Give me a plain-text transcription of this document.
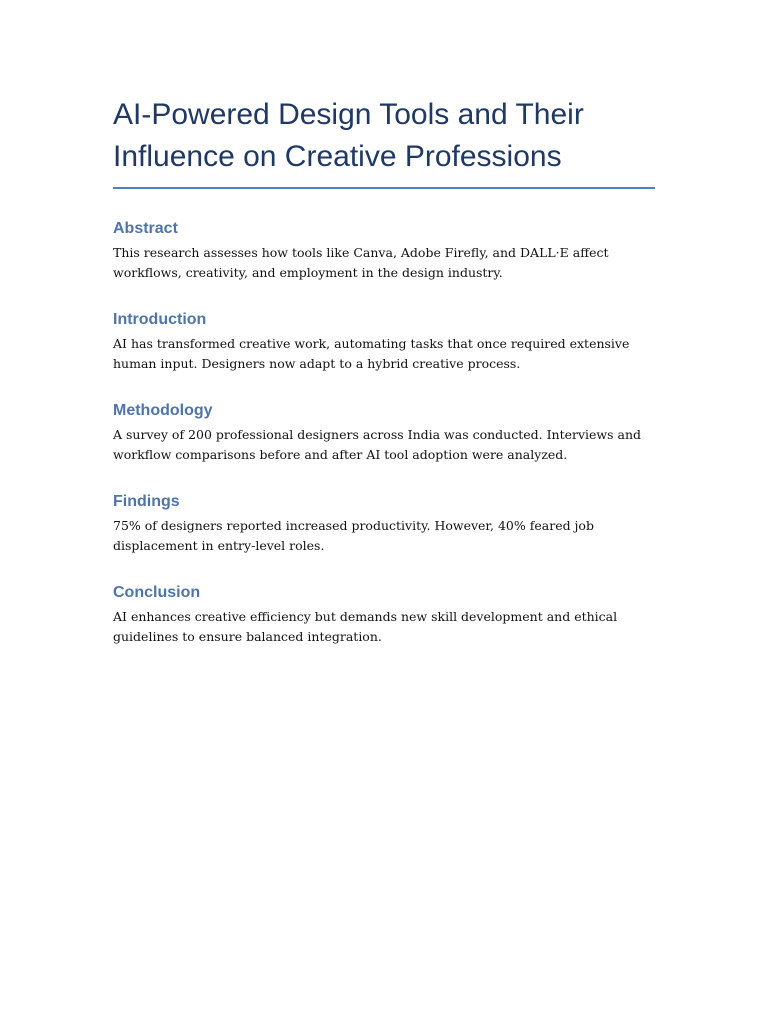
AI-Powered Design Tools and Their Influence on Creative Professions
Abstract

This research assesses how tools like Canva, Adobe Firefly, and DALL·E affect workflows, creativity, and employment in the design industry.

Introduction

AI has transformed creative work, automating tasks that once required extensive human input. Designers now adapt to a hybrid creative process.

Methodology

A survey of 200 professional designers across India was conducted. Interviews and workflow comparisons before and after AI tool adoption were analyzed.

Findings

75% of designers reported increased productivity. However, 40% feared job displacement in entry-level roles.

Conclusion

AI enhances creative efficiency but demands new skill development and ethical guidelines to ensure balanced integration.
